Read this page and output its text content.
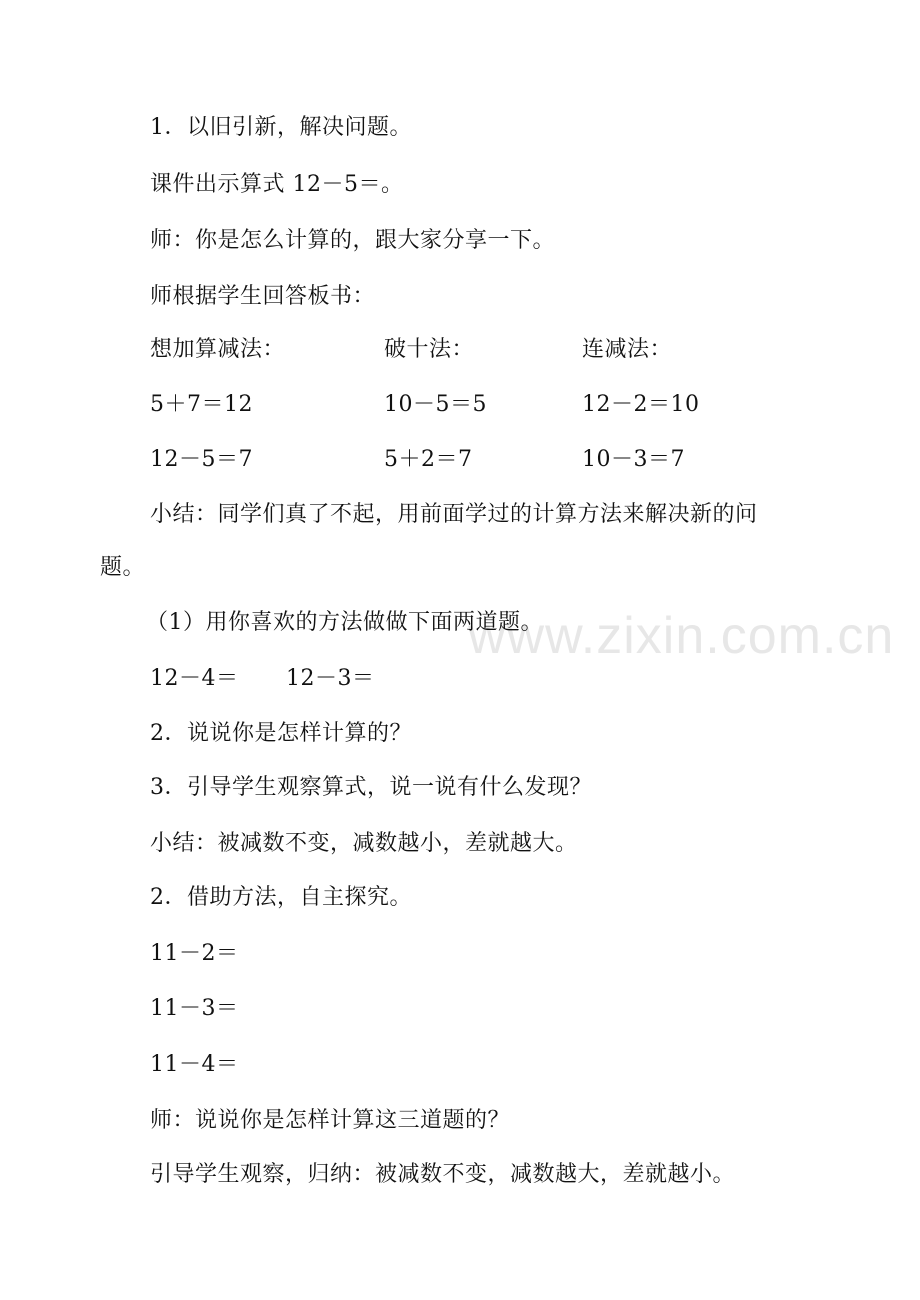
www.zixin.com.cn
1．以旧引新，解决问题。
课件出示算式 12－5＝。
师：你是怎么计算的，跟大家分享一下。
师根据学生回答板书：
想加算减法：	破十法：	连减法：
5＋7＝12	10－5＝5	12－2＝10
12－5＝7	5＋2＝7	10－3＝7
小结：同学们真了不起，用前面学过的计算方法来解决新的问
题。
（1）用你喜欢的方法做做下面两道题。
12－4＝ 12－3＝
2．说说你是怎样计算的？
3．引导学生观察算式，说一说有什么发现？
小结：被减数不变，减数越小，差就越大。
2．借助方法，自主探究。
11－2＝
11－3＝
11－4＝
师：说说你是怎样计算这三道题的？
引导学生观察，归纳：被减数不变，减数越大，差就越小。
